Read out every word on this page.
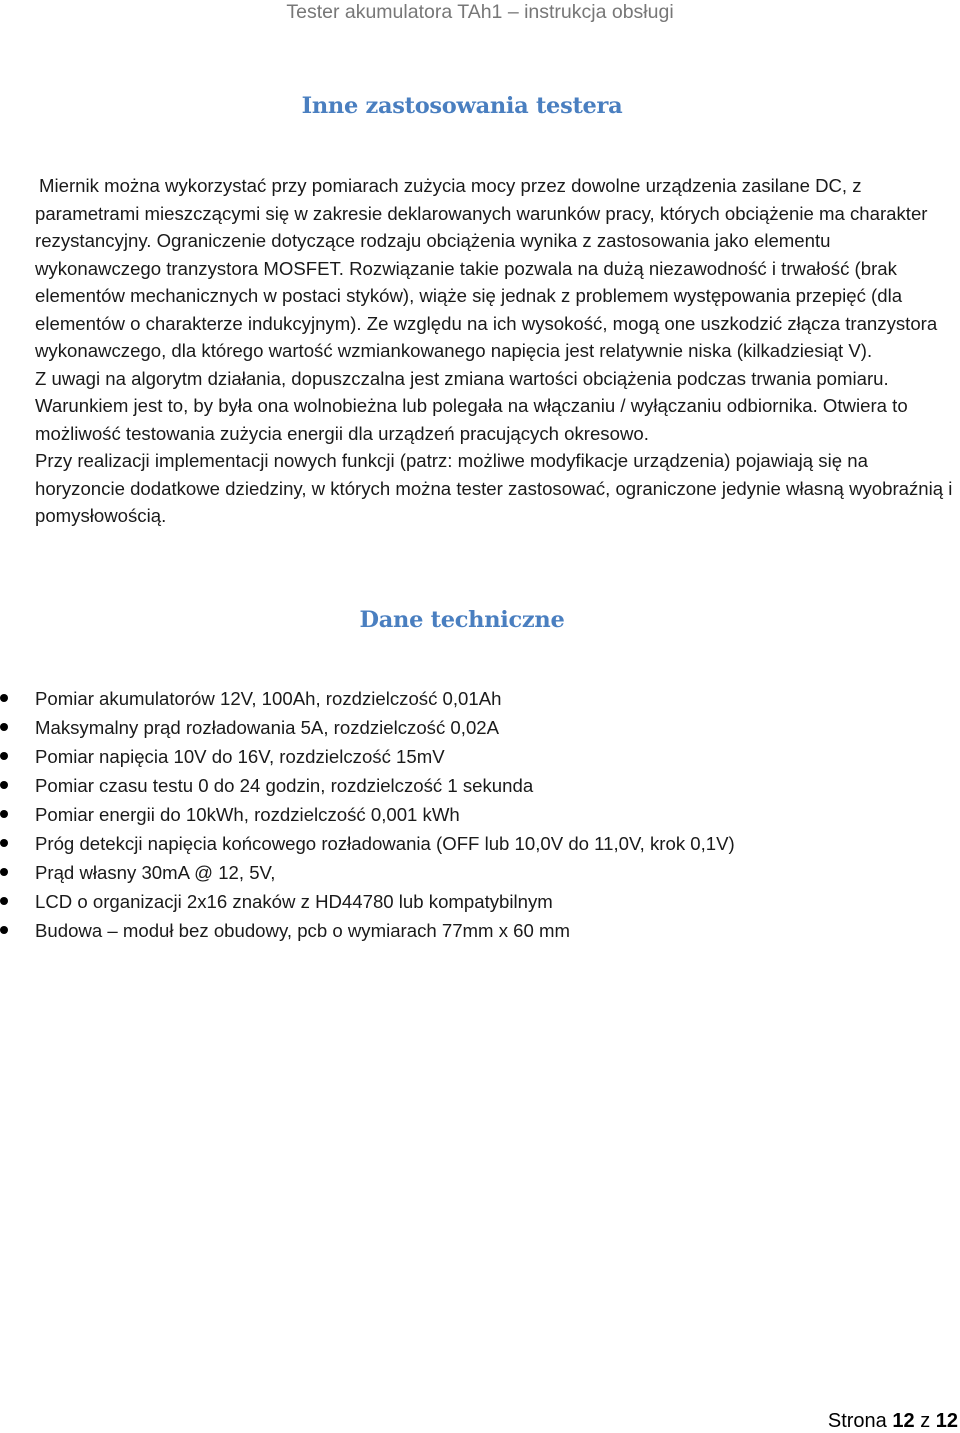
Tester akumulatora TAh1 – instrukcja obsługi
Inne zastosowania testera

Miernik można wykorzystać przy pomiarach zużycia mocy przez dowolne urządzenia zasilane DC, z parametrami mieszczącymi się w zakresie deklarowanych warunków pracy, których obciążenie ma charakter rezystancyjny. Ograniczenie dotyczące rodzaju obciążenia wynika z zastosowania jako elementu wykonawczego tranzystora MOSFET. Rozwiązanie takie pozwala na dużą niezawodność i trwałość (brak elementów mechanicznych w postaci styków), wiąże się jednak z problemem występowania przepięć (dla elementów o charakterze indukcyjnym). Ze względu na ich wysokość, mogą one uszkodzić złącza tranzystora wykonawczego, dla którego wartość wzmiankowanego napięcia jest relatywnie niska (kilkadziesiąt V).

Z uwagi na algorytm działania, dopuszczalna jest zmiana wartości obciążenia podczas trwania pomiaru. Warunkiem jest to, by była ona wolnobieżna lub polegała na włączaniu / wyłączaniu odbiornika. Otwiera to możliwość testowania zużycia energii dla urządzeń pracujących okresowo.

Przy realizacji implementacji nowych funkcji (patrz: możliwe modyfikacje urządzenia) pojawiają się na horyzoncie dodatkowe dziedziny, w których można tester zastosować, ograniczone jedynie własną wyobraźnią i pomysłowością.

Dane techniczne
Pomiar akumulatorów 12V, 100Ah, rozdzielczość 0,01Ah
Maksymalny prąd rozładowania 5A, rozdzielczość 0,02A
Pomiar napięcia 10V do 16V, rozdzielczość 15mV
Pomiar czasu testu 0 do 24 godzin, rozdzielczość 1 sekunda
Pomiar energii do 10kWh, rozdzielczość 0,001 kWh
Próg detekcji napięcia końcowego rozładowania (OFF lub 10,0V do 11,0V, krok 0,1V)
Prąd własny 30mA @ 12, 5V,
LCD o organizacji 2x16 znaków z HD44780 lub kompatybilnym
Budowa – moduł bez obudowy, pcb o wymiarach 77mm x 60 mm
Strona 12 z 12
